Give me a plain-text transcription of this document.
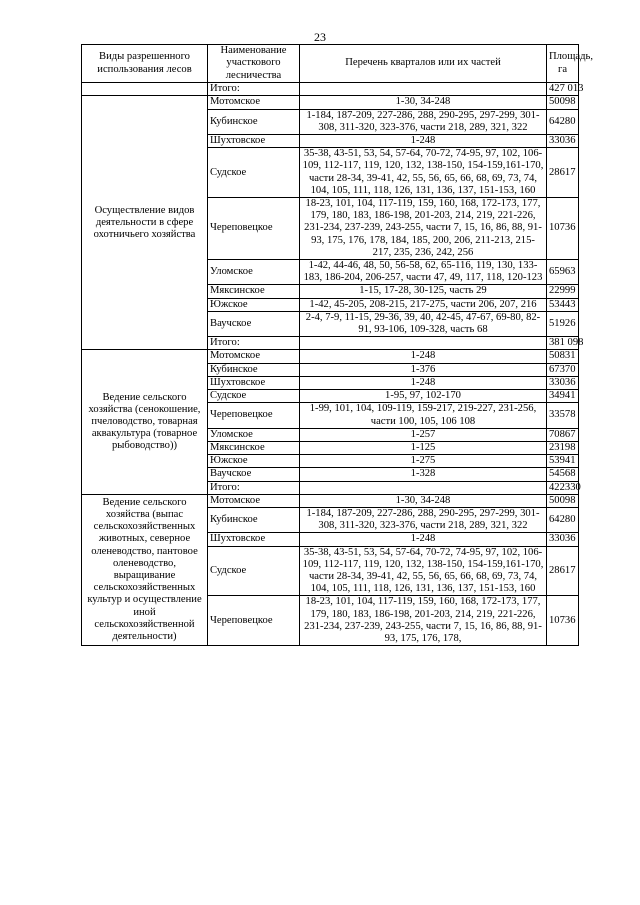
23
Виды разрешенного использования лесов	Наименование участкового лесничества	Перечень кварталов или их частей	Площадь, га
	Итого:		427 013
Осуществление видов деятельности в сфере охотничьего хозяйства	Мотомское	1-30, 34-248	50098
	Кубинское	1-184, 187-209, 227-286, 288, 290-295, 297-299, 301-308, 311-320, 323-376, части 218, 289, 321, 322	64280
	Шухтовское	1-248	33036
	Судское	35-38, 43-51, 53, 54, 57-64, 70-72, 74-95, 97, 102, 106-109, 112-117, 119, 120, 132, 138-150, 154-159,161-170, части 28-34, 39-41, 42, 55, 56, 65, 66, 68, 69, 73, 74, 104, 105, 111, 118, 126, 131, 136, 137, 151-153, 160	28617
	Череповецкое	18-23, 101, 104, 117-119, 159, 160, 168, 172-173, 177, 179, 180, 183, 186-198, 201-203, 214, 219, 221-226, 231-234, 237-239, 243-255, части 7, 15, 16, 86, 88, 91-93, 175, 176, 178, 184, 185, 200, 206, 211-213, 215-217, 235, 236, 242, 256	10736
	Уломское	1-42, 44-46, 48, 50, 56-58, 62, 65-116, 119, 130, 133-183, 186-204, 206-257, части 47, 49, 117, 118, 120-123	65963
	Мяксинское	1-15, 17-28, 30-125, часть 29	22999
	Южское	1-42, 45-205, 208-215, 217-275, части 206, 207, 216	53443
	Ваучское	2-4, 7-9, 11-15, 29-36, 39, 40, 42-45, 47-67, 69-80, 82-91, 93-106, 109-328, часть 68	51926
	Итого:		381 098
Ведение сельского хозяйства (сенокошение, пчеловодство, товарная аквакультура (товарное рыбоводство))	Мотомское	1-248	50831
	Кубинское	1-376	67370
	Шухтовское	1-248	33036
	Судское	1-95, 97, 102-170	34941
	Череповецкое	1-99, 101, 104, 109-119, 159-217, 219-227, 231-256, части 100, 105, 106 108	33578
	Уломское	1-257	70867
	Мяксинское	1-125	23198
	Южское	1-275	53941
	Ваучское	1-328	54568
	Итого:		422330
Ведение сельского хозяйства (выпас сельскохозяйственных животных, северное оленеводство, пантовое оленеводство, выращивание сельскохозяйственных культур и осуществление иной сельскохозяйственной деятельности)	Мотомское	1-30, 34-248	50098
	Кубинское	1-184, 187-209, 227-286, 288, 290-295, 297-299, 301-308, 311-320, 323-376, части 218, 289, 321, 322	64280
	Шухтовское	1-248	33036
	Судское	35-38, 43-51, 53, 54, 57-64, 70-72, 74-95, 97, 102, 106-109, 112-117, 119, 120, 132, 138-150, 154-159,161-170, части 28-34, 39-41, 42, 55, 56, 65, 66, 68, 69, 73, 74, 104, 105, 111, 118, 126, 131, 136, 137, 151-153, 160	28617
	Череповецкое	18-23, 101, 104, 117-119, 159, 160, 168, 172-173, 177, 179, 180, 183, 186-198, 201-203, 214, 219, 221-226, 231-234, 237-239, 243-255, части 7, 15, 16, 86, 88, 91-93, 175, 176, 178,	10736
